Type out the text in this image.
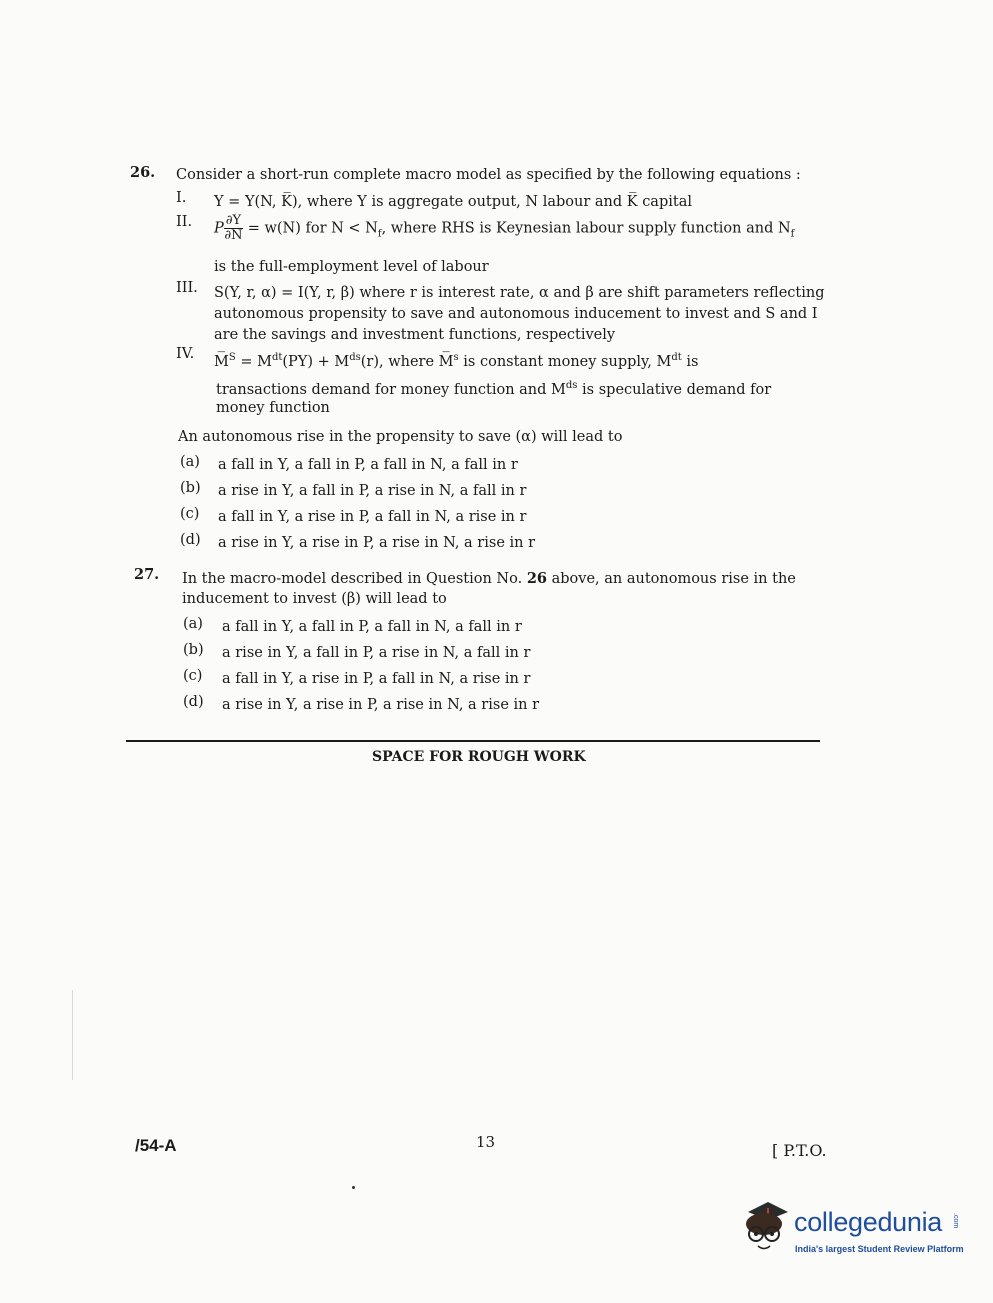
26. Consider a short-run complete macro model as specified by the following equations :
I. Y = Y(N, K̅), where Y is aggregate output, N labour and K̅ capital
II. P $\frac{\partial Y}{\partial N} = w(N)$ for $N < N_f$, where RHS is Keynesian labour supply function and $N_f$
is the full-employment level of labour
III. S(Y, r, α) = I(Y, r, β) where r is interest rate, α and β are shift parameters reflecting
autonomous propensity to save and autonomous inducement to invest and S and I
are the savings and investment functions, respectively
IV. M̅$^S$ = $M^{dt}(PY) + M^{ds}(r)$, where M̅$^s$ is constant money supply, $M^{dt}$ is
transactions demand for money function and $M^{ds}$ is speculative demand for
money function
An autonomous rise in the propensity to save (α) will lead to
(a) a fall in Y, a fall in P, a fall in N, a fall in r
(b) a rise in Y, a fall in P, a rise in N, a fall in r
(c) a fall in Y, a rise in P, a fall in N, a rise in r
(d) a rise in Y, a rise in P, a rise in N, a rise in r
27. In the macro-model described in Question No. 26 above, an autonomous rise in the
inducement to invest (β) will lead to
(a) a fall in Y, a fall in P, a fall in N, a fall in r
(b) a rise in Y, a fall in P, a rise in N, a fall in r
(c) a fall in Y, a rise in P, a fall in N, a rise in r
(d) a rise in Y, a rise in P, a rise in N, a rise in r
SPACE FOR ROUGH WORK
/54-A	13	[ P.T.O.
collegedunia .com
India's largest Student Review Platform
